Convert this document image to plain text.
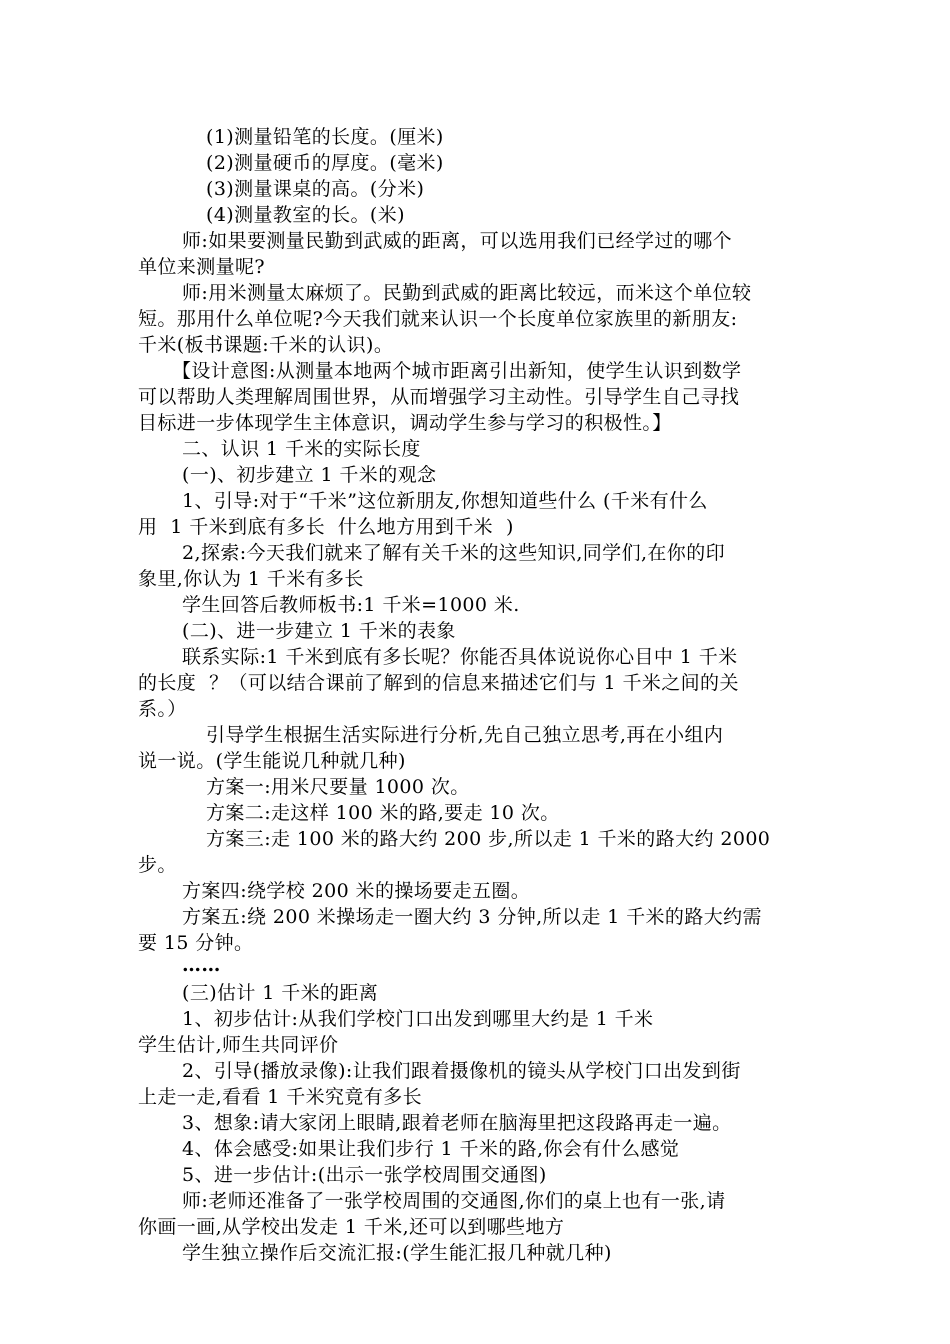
(1)测量铅笔的长度。(厘米)
(2)测量硬币的厚度。(毫米)
(3)测量课桌的高。(分米)
(4)测量教室的长。(米)
师:如果要测量民勤到武威的距离，可以选用我们已经学过的哪个
单位来测量呢?
师:用米测量太麻烦了。民勤到武威的距离比较远，而米这个单位较
短。那用什么单位呢?今天我们就来认识一个长度单位家族里的新朋友:
千米(板书课题:千米的认识)。
【设计意图:从测量本地两个城市距离引出新知，使学生认识到数学
可以帮助人类理解周围世界，从而增强学习主动性。引导学生自己寻找
目标进一步体现学生主体意识，调动学生参与学习的积极性。】
二、认识 1 千米的实际长度
(一)、初步建立 1 千米的观念
1、引导:对于“千米”这位新朋友,你想知道些什么 (千米有什么
用  1 千米到底有多长  什么地方用到千米  )
2,探索:今天我们就来了解有关千米的这些知识,同学们,在你的印
象里,你认为 1 千米有多长
学生回答后教师板书:1 千米=1000 米.
(二)、进一步建立 1 千米的表象
联系实际:1 千米到底有多长呢？你能否具体说说你心目中 1 千米
的长度  ？（可以结合课前了解到的信息来描述它们与 1 千米之间的关
系。）
引导学生根据生活实际进行分析,先自己独立思考,再在小组内
说一说。(学生能说几种就几种)
方案一:用米尺要量 1000 次。
方案二:走这样 100 米的路,要走 10 次。
方案三:走 100 米的路大约 200 步,所以走 1 千米的路大约 2000
步。
方案四:绕学校 200 米的操场要走五圈。
方案五:绕 200 米操场走一圈大约 3 分钟,所以走 1 千米的路大约需
要 15 分钟。
……
(三)估计 1 千米的距离
1、初步估计:从我们学校门口出发到哪里大约是 1 千米
学生估计,师生共同评价
2、引导(播放录像):让我们跟着摄像机的镜头从学校门口出发到街
上走一走,看看 1 千米究竟有多长
3、想象:请大家闭上眼睛,跟着老师在脑海里把这段路再走一遍。
4、体会感受:如果让我们步行 1 千米的路,你会有什么感觉
5、进一步估计:(出示一张学校周围交通图)
师:老师还准备了一张学校周围的交通图,你们的桌上也有一张,请
你画一画,从学校出发走 1 千米,还可以到哪些地方
学生独立操作后交流汇报:(学生能汇报几种就几种)
